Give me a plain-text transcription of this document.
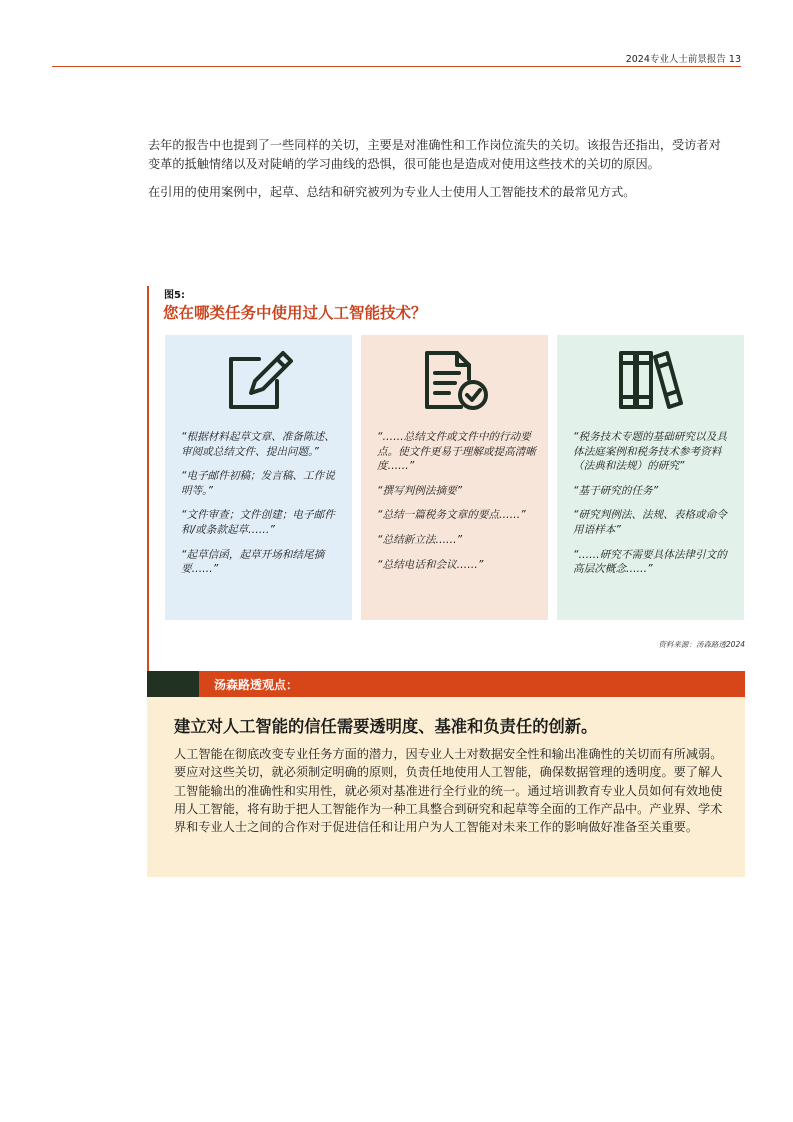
2024专业人士前景报告 13

去年的报告中也提到了一些同样的关切，主要是对准确性和工作岗位流失的关切。该报告还指出，受访者对变革的抵触情绪以及对陡峭的学习曲线的恐惧，很可能也是造成对使用这些技术的关切的原因。

在引用的使用案例中，起草、总结和研究被列为专业人士使用人工智能技术的最常见方式。

图5:
您在哪类任务中使用过人工智能技术？

“根据材料起草文章、准备陈述、审阅或总结文件、提出问题。”

“电子邮件初稿；发言稿、工作说明等。”

“文件审查；文件创建；电子邮件和/或条款起草……”

“起草信函，起草开场和结尾摘要……”

“……总结文件或文件中的行动要点。使文件更易于理解或提高清晰度……”

“撰写判例法摘要”

“总结一篇税务文章的要点……”

“总结新立法……”

“总结电话和会议……”

“税务技术专题的基础研究以及具体法庭案例和税务技术参考资料（法典和法规）的研究”

“基于研究的任务”

“研究判例法、法规、表格或命令用语样本”

“……研究不需要具体法律引文的高层次概念……”

资料来源：汤森路透2024
汤森路透观点：
建立对人工智能的信任需要透明度、基准和负责任的创新。
人工智能在彻底改变专业任务方面的潜力，因专业人士对数据安全性和输出准确性的关切而有所减弱。要应对这些关切，就必须制定明确的原则，负责任地使用人工智能，确保数据管理的透明度。要了解人工智能输出的准确性和实用性，就必须对基准进行全行业的统一。通过培训教育专业人员如何有效地使用人工智能，将有助于把人工智能作为一种工具整合到研究和起草等全面的工作产品中。产业界、学术界和专业人士之间的合作对于促进信任和让用户为人工智能对未来工作的影响做好准备至关重要。
